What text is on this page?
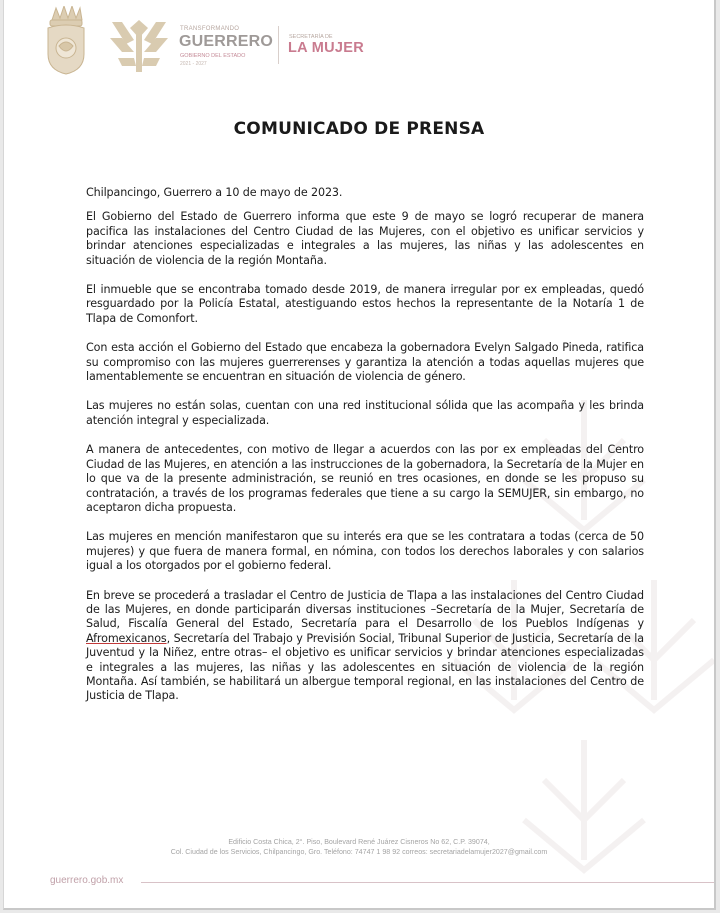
TRANSFORMANDO
GUERRERO
GOBIERNO DEL ESTADO
2021 - 2027
SECRETARÍA DE
LA MUJER
COMUNICADO DE PRENSA

Chilpancingo, Guerrero a 10 de mayo de 2023.

El Gobierno del Estado de Guerrero informa que este 9 de mayo se logró recuperar de manera pacifica las instalaciones del Centro Ciudad de las Mujeres, con el objetivo es unificar servicios y brindar atenciones especializadas e integrales a las mujeres, las niñas y las adolescentes en situación de violencia de la región Montaña.

El inmueble que se encontraba tomado desde 2019, de manera irregular por ex empleadas, quedó resguardado por la Policía Estatal, atestiguando estos hechos la representante de la Notaría 1 de Tlapa de Comonfort.

Con esta acción el Gobierno del Estado que encabeza la gobernadora Evelyn Salgado Pineda, ratifica su compromiso con las mujeres guerrerenses y garantiza la atención a todas aquellas mujeres que lamentablemente se encuentran en situación de violencia de género.

Las mujeres no están solas, cuentan con una red institucional sólida que las acompaña y les brinda atención integral y especializada.

A manera de antecedentes, con motivo de llegar a acuerdos con las por ex empleadas del Centro Ciudad de las Mujeres, en atención a las instrucciones de la gobernadora, la Secretaría de la Mujer en lo que va de la presente administración, se reunió en tres ocasiones, en donde se les propuso su contratación, a través de los programas federales que tiene a su cargo la SEMUJER, sin embargo, no aceptaron dicha propuesta.

Las mujeres en mención manifestaron que su interés era que se les contratara a todas (cerca de 50 mujeres) y que fuera de manera formal, en nómina, con todos los derechos laborales y con salarios igual a los otorgados por el gobierno federal.

En breve se procederá a trasladar el Centro de Justicia de Tlapa a las instalaciones del Centro Ciudad de las Mujeres, en donde participarán diversas instituciones –Secretaría de la Mujer, Secretaría de Salud, Fiscalía General del Estado, Secretaría para el Desarrollo de los Pueblos Indígenas y Afromexicanos, Secretaría del Trabajo y Previsión Social, Tribunal Superior de Justicia, Secretaría de la Juventud y la Niñez, entre otras– el objetivo es unificar servicios y brindar atenciones especializadas e integrales a las mujeres, las niñas y las adolescentes en situación de violencia de la región Montaña. Así también, se habilitará un albergue temporal regional, en las instalaciones del Centro de Justicia de Tlapa.

Edificio Costa Chica, 2°. Piso, Boulevard René Juárez Cisneros No 62, C.P. 39074,
Col. Ciudad de los Servicios, Chilpancingo, Gro. Teléfono: 74747 1 98 92 correos: secretariadelamujer2027@gmail.com
guerrero.gob.mx
